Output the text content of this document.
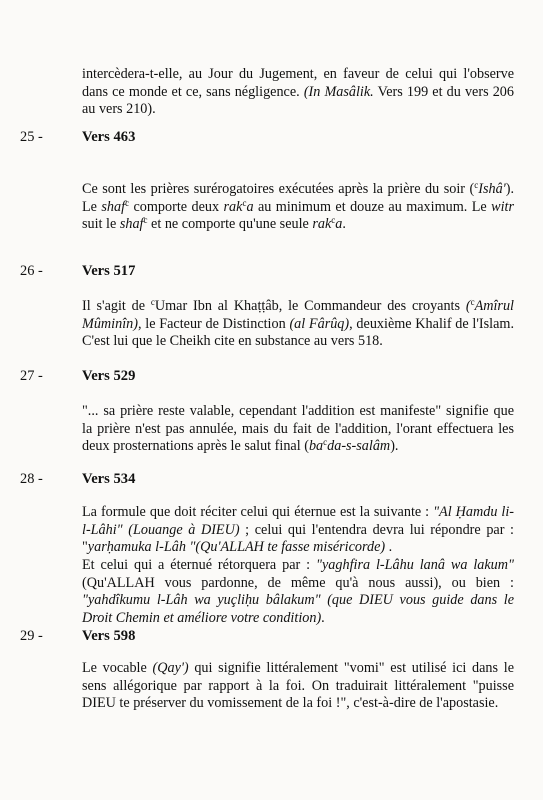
intercèdera-t-elle, au Jour du Jugement, en faveur de celui qui l'observe dans ce monde et ce, sans négligence. (In Masâlik. Vers 199 et du vers 206 au vers 210).

25 -	Vers 463

Ce sont les prières surérogatoires exécutées après la prière du soir ($^c$Ishâ'). Le shaf$^c$ comporte deux rak$^c$a au minimum et douze au maximum. Le witr suit le shaf$^c$ et ne comporte qu'une seule rak$^c$a.

26 -	Vers 517

Il s'agit de $^c$Umar Ibn al Khaṭṭâb, le Commandeur des croyants ($^c$Amîrul Mûminîn), le Facteur de Distinction (al Fârûq), deuxième Khalif de l'Islam. C'est lui que le Cheikh cite en substance au vers 518.

27 -	Vers 529

"... sa prière reste valable, cependant l'addition est manifeste" signifie que la prière n'est pas annulée, mais du fait de l'addition, l'orant effectuera les deux prosternations après le salut final $(ba^cda-s-salâm)$.

28 -	Vers 534

La formule que doit réciter celui qui éternue est la suivante : "Al Ḥamdu li-l-Lâhi" (Louange à DIEU) ; celui qui l'entendra devra lui répondre par : "yarḥamuka l-Lâh "(Qu'ALLAH te fasse miséricorde) .

Et celui qui a éternué rétorquera par : "yaghfira l-Lâhu lanâ wa lakum" (Qu'ALLAH vous pardonne, de même qu'à nous aussi), ou bien : "yahdîkumu l-Lâh wa yuçliḥu bâlakum" (que DIEU vous guide dans le Droit Chemin et améliore votre condition).

29 -	Vers 598

Le vocable (Qay') qui signifie littéralement "vomi" est utilisé ici dans le sens allégorique par rapport à la foi. On traduirait littéralement "puisse DIEU te préserver du vomissement de la foi !", c'est-à-dire de l'apostasie.
